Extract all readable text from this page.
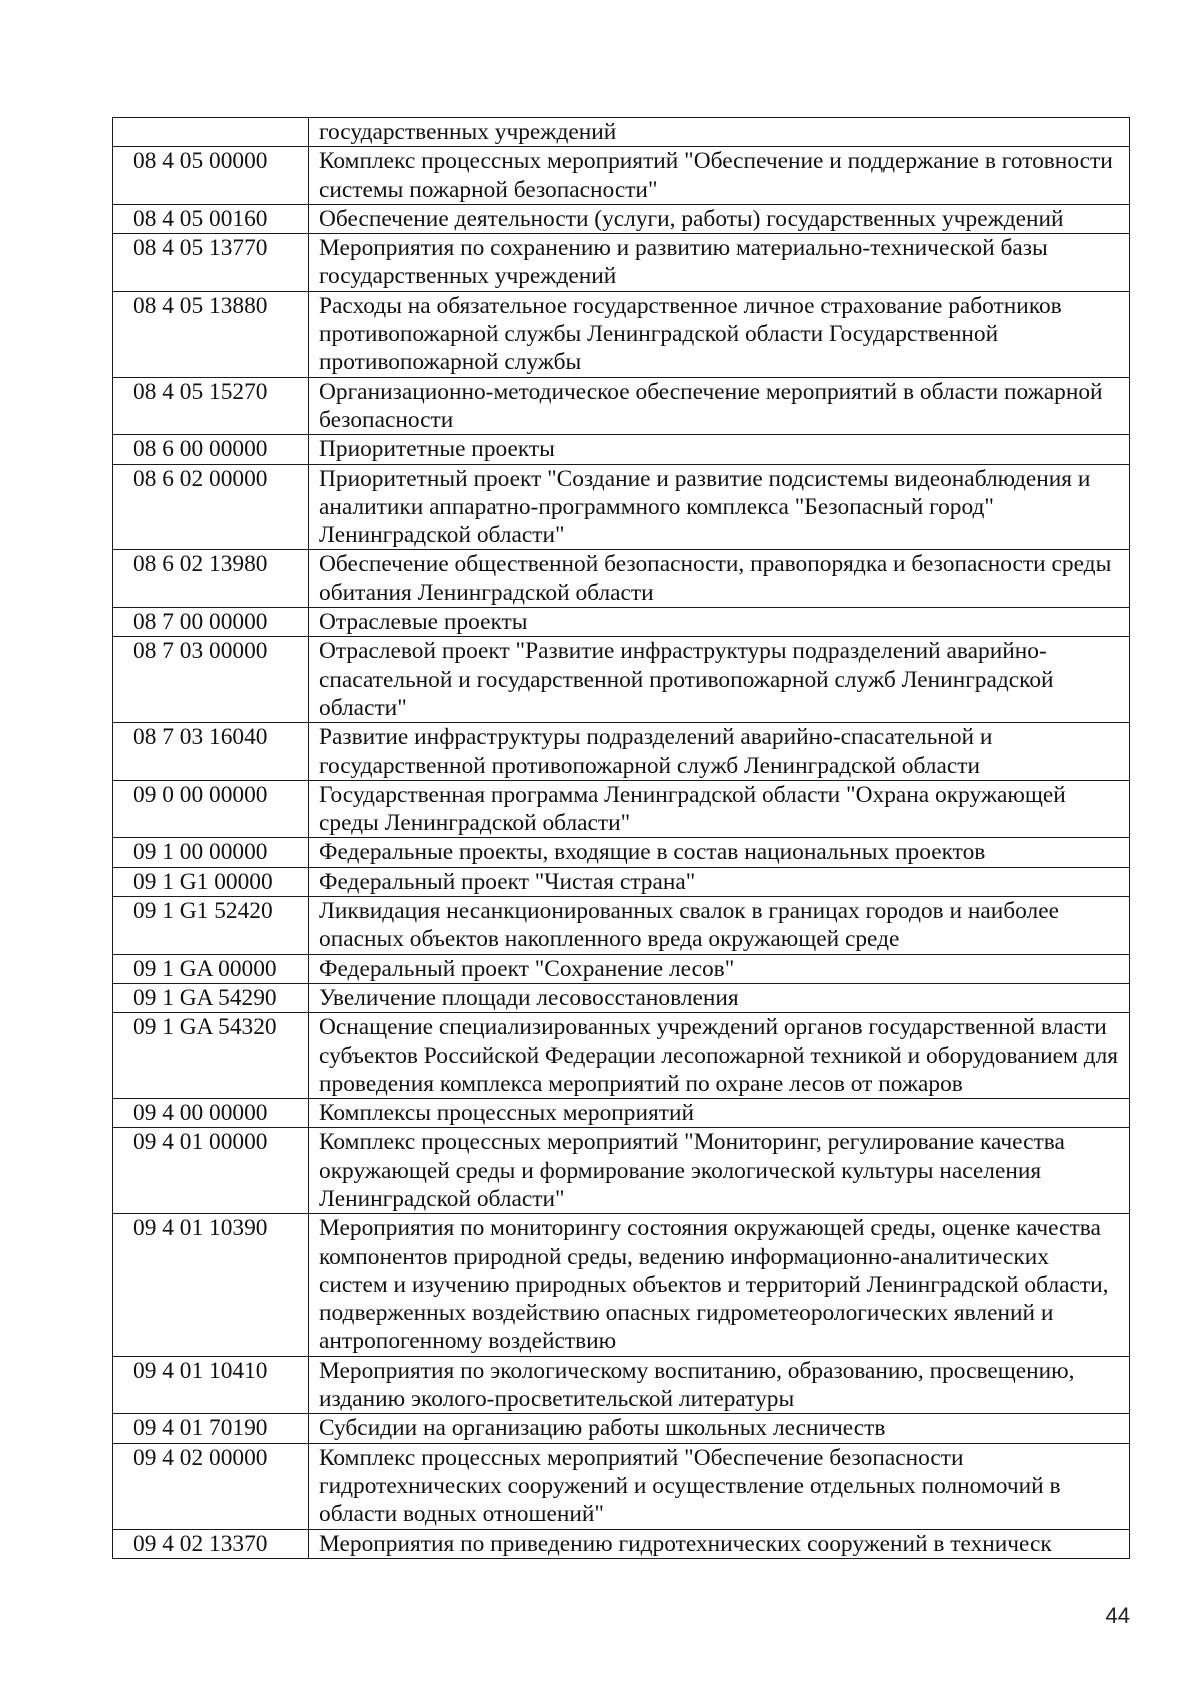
	государственных учреждений
08 4 05 00000	Комплекс процессных мероприятий "Обеспечение и поддержание в готовности системы пожарной безопасности"
08 4 05 00160	Обеспечение деятельности (услуги, работы) государственных учреждений
08 4 05 13770	Мероприятия по сохранению и развитию материально-технической базы государственных учреждений
08 4 05 13880	Расходы на обязательное государственное личное страхование работников противопожарной службы Ленинградской области Государственной противопожарной службы
08 4 05 15270	Организационно-методическое обеспечение мероприятий в области пожарной безопасности
08 6 00 00000	Приоритетные проекты
08 6 02 00000	Приоритетный проект "Создание и развитие подсистемы видеонаблюдения и аналитики аппаратно-программного комплекса "Безопасный город" Ленинградской области"
08 6 02 13980	Обеспечение общественной безопасности, правопорядка и безопасности среды обитания Ленинградской области
08 7 00 00000	Отраслевые проекты
08 7 03 00000	Отраслевой проект "Развитие инфраструктуры подразделений аварийно-спасательной и государственной противопожарной служб Ленинградской области"
08 7 03 16040	Развитие инфраструктуры подразделений аварийно-спасательной и государственной противопожарной служб Ленинградской области
09 0 00 00000	Государственная программа Ленинградской области "Охрана окружающей среды Ленинградской области"
09 1 00 00000	Федеральные проекты, входящие в состав национальных проектов
09 1 G1 00000	Федеральный проект "Чистая страна"
09 1 G1 52420	Ликвидация несанкционированных свалок в границах городов и наиболее опасных объектов накопленного вреда окружающей среде
09 1 GA 00000	Федеральный проект "Сохранение лесов"
09 1 GA 54290	Увеличение площади лесовосстановления
09 1 GA 54320	Оснащение специализированных учреждений органов государственной власти субъектов Российской Федерации лесопожарной техникой и оборудованием для проведения комплекса мероприятий по охране лесов от пожаров
09 4 00 00000	Комплексы процессных мероприятий
09 4 01 00000	Комплекс процессных мероприятий "Мониторинг, регулирование качества окружающей среды и формирование экологической культуры населения Ленинградской области"
09 4 01 10390	Мероприятия по мониторингу состояния окружающей среды, оценке качества компонентов природной среды, ведению информационно-аналитических систем и изучению природных объектов и территорий Ленинградской области, подверженных воздействию опасных гидрометеорологических явлений и антропогенному воздействию
09 4 01 10410	Мероприятия по экологическому воспитанию, образованию, просвещению, изданию эколого-просветительской литературы
09 4 01 70190	Субсидии на организацию работы школьных лесничеств
09 4 02 00000	Комплекс процессных мероприятий "Обеспечение безопасности гидротехнических сооружений и осуществление отдельных полномочий в области водных отношений"
09 4 02 13370	Мероприятия по приведению гидротехнических сооружений в техническ
44
